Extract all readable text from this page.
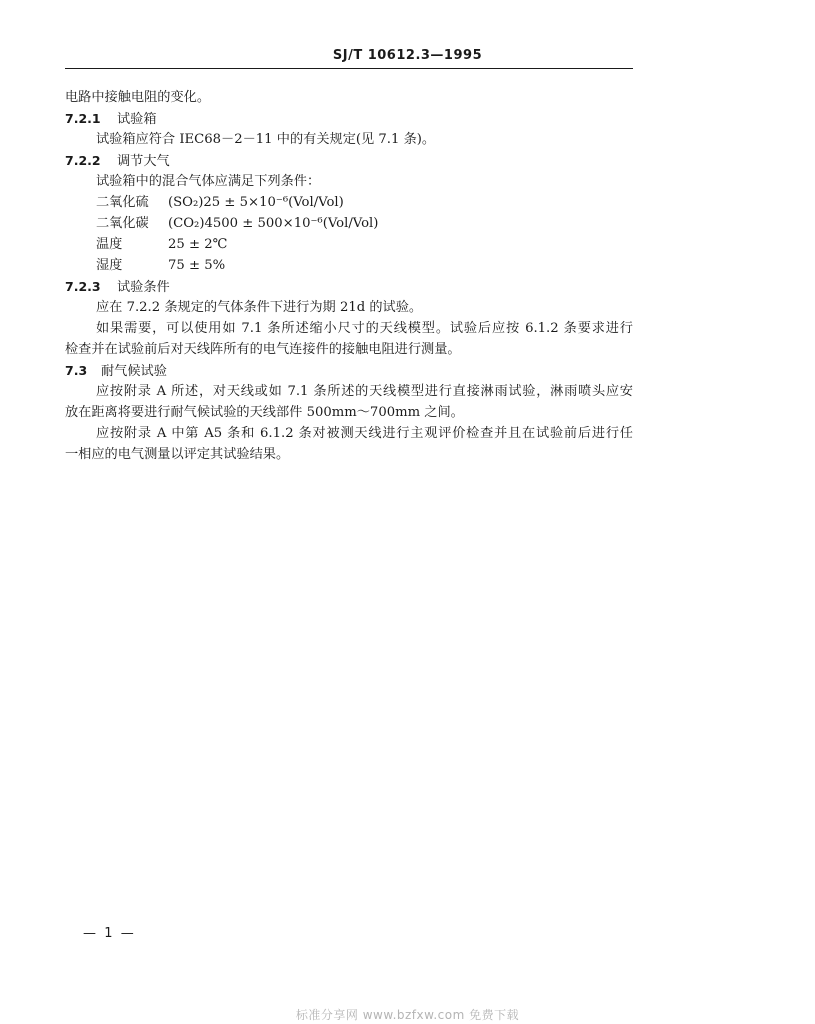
SJ/T 10612.3—1995
电路中接触电阻的变化。
7.2.1 试验箱
试验箱应符合 IEC68－2－11 中的有关规定(见 7.1 条)。
7.2.2 调节大气
试验箱中的混合气体应满足下列条件：
二氧化硫 (SO₂)25 ± 5×10⁻⁶(Vol/Vol)
二氧化碳 (CO₂)4500 ± 500×10⁻⁶(Vol/Vol)
温度	25 ± 2℃
湿度	75 ± 5%
7.2.3 试验条件
应在 7.2.2 条规定的气体条件下进行为期 21d 的试验。
如果需要，可以使用如 7.1 条所述缩小尺寸的天线模型。试验后应按 6.1.2 条要求进行
检查并在试验前后对天线阵所有的电气连接件的接触电阻进行测量。
7.3 耐气候试验
应按附录 A 所述，对天线或如 7.1 条所述的天线模型进行直接淋雨试验，淋雨喷头应安
放在距离将要进行耐气候试验的天线部件 500mm～700mm 之间。
应按附录 A 中第 A5 条和 6.1.2 条对被测天线进行主观评价检查并且在试验前后进行任
一相应的电气测量以评定其试验结果。
—  1  —
标准分享网 www.bzfxw.com 免费下载
